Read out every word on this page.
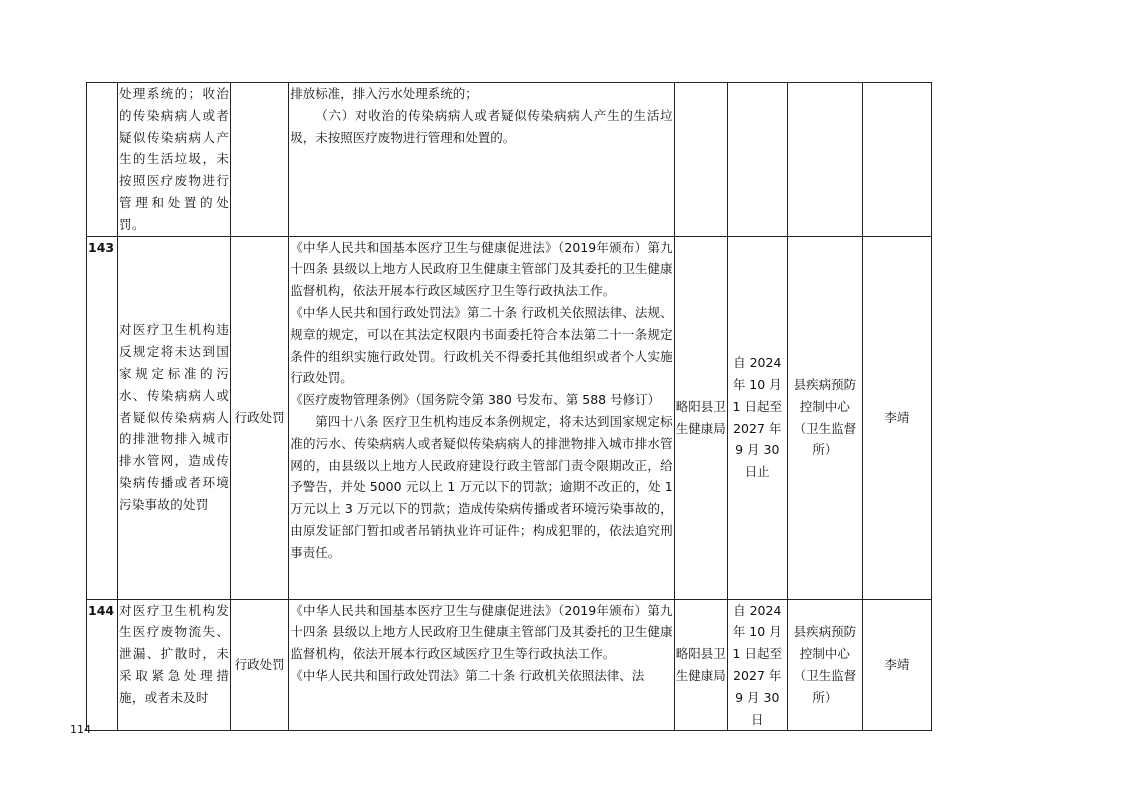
	处理系统的；收治的传染病病人或者疑似传染病病人产生的生活垃圾，未按照医疗废物进行管理和处置的处罚。		排放标准，排入污水处理系统的；
（六）对收治的传染病病人或者疑似传染病病人产生的生活垃圾，未按照医疗废物进行管理和处置的。				

143	对医疗卫生机构违反规定将未达到国家规定标准的污水、传染病病人或者疑似传染病病人的排泄物排入城市排水管网，造成传染病传播或者环境污染事故的处罚	行政处罚	《中华人民共和国基本医疗卫生与健康促进法》（2019年颁布）第九十四条 县级以上地方人民政府卫生健康主管部门及其委托的卫生健康监督机构，依法开展本行政区域医疗卫生等行政执法工作。
《中华人民共和国行政处罚法》第二十条 行政机关依照法律、法规、规章的规定，可以在其法定权限内书面委托符合本法第二十一条规定条件的组织实施行政处罚。行政机关不得委托其他组织或者个人实施行政处罚。
《医疗废物管理条例》（国务院令第 380 号发布、第 588 号修订）
第四十八条 医疗卫生机构违反本条例规定，将未达到国家规定标准的污水、传染病病人或者疑似传染病病人的排泄物排入城市排水管网的，由县级以上地方人民政府建设行政主管部门责令限期改正，给予警告，并处 5000 元以上 1 万元以下的罚款；逾期不改正的，处 1 万元以上 3 万元以下的罚款；造成传染病传播或者环境污染事故的，由原发证部门暂扣或者吊销执业许可证件；构成犯罪的，依法追究刑事责任。	略阳县卫生健康局	自 2024 年 10 月 1 日起至 2027 年 9 月 30 日止	县疾病预防控制中心（卫生监督所）	李靖
144	对医疗卫生机构发生医疗废物流失、泄漏、扩散时，未采取紧急处理措施，或者未及时	行政处罚	《中华人民共和国基本医疗卫生与健康促进法》（2019年颁布）第九十四条 县级以上地方人民政府卫生健康主管部门及其委托的卫生健康监督机构，依法开展本行政区域医疗卫生等行政执法工作。
《中华人民共和国行政处罚法》第二十条 行政机关依照法律、法	略阳县卫生健康局	自 2024 年 10 月 1 日起至 2027 年 9 月 30 日	县疾病预防控制中心（卫生监督所）	李靖
114
